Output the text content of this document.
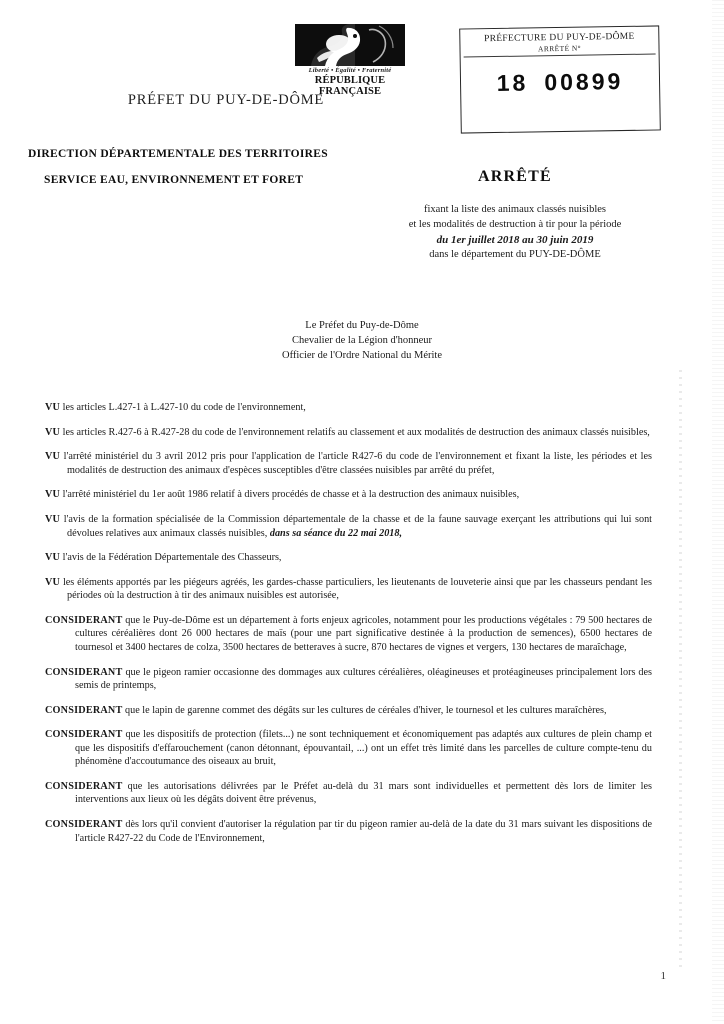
Liberté • Égalité • Fraternité
RÉPUBLIQUE FRANÇAISE
PRÉFET DU PUY-DE-DÔME
PRÉFECTURE DU PUY-DE-DÔME
ARRÊTÉ N°
18 00899
DIRECTION DÉPARTEMENTALE DES TERRITOIRES
SERVICE EAU, ENVIRONNEMENT ET FORET	ARRÊTÉ
fixant la liste des animaux classés nuisibles
et les modalités de destruction à tir pour la période
du 1er juillet 2018 au 30 juin 2019
dans le département du PUY-DE-DÔME
Le Préfet du Puy-de-Dôme
Chevalier de la Légion d'honneur
Officier de l'Ordre National du Mérite

VU les articles L.427-1 à L.427-10 du code de l'environnement,

VU les articles R.427-6 à R.427-28 du code de l'environnement relatifs au classement et aux modalités de destruction des animaux classés nuisibles,

VU l'arrêté ministériel du 3 avril 2012 pris pour l'application de l'article R427-6 du code de l'environnement et fixant la liste, les périodes et les modalités de destruction des animaux d'espèces susceptibles d'être classées nuisibles par arrêté du préfet,

VU l'arrêté ministériel du 1er août 1986 relatif à divers procédés de chasse et à la destruction des animaux nuisibles,

VU l'avis de la formation spécialisée de la Commission départementale de la chasse et de la faune sauvage exerçant les attributions qui lui sont dévolues relatives aux animaux classés nuisibles, dans sa séance du 22 mai 2018,

VU l'avis de la Fédération Départementale des Chasseurs,

VU les éléments apportés par les piégeurs agréés, les gardes-chasse particuliers, les lieutenants de louveterie ainsi que par les chasseurs pendant les périodes où la destruction à tir des animaux nuisibles est autorisée,

CONSIDERANT que le Puy-de-Dôme est un département à forts enjeux agricoles, notamment pour les productions végétales : 79 500 hectares de cultures céréalières dont 26 000 hectares de maïs (pour une part significative destinée à la production de semences), 6500 hectares de tournesol et 3400 hectares de colza, 3500 hectares de betteraves à sucre, 870 hectares de vignes et vergers, 130 hectares de maraîchage,

CONSIDERANT que le pigeon ramier occasionne des dommages aux cultures céréalières, oléagineuses et protéagineuses principalement lors des semis de printemps,

CONSIDERANT que le lapin de garenne commet des dégâts sur les cultures de céréales d'hiver, le tournesol et les cultures maraîchères,

CONSIDERANT que les dispositifs de protection (filets...) ne sont techniquement et économiquement pas adaptés aux cultures de plein champ et que les dispositifs d'effarouchement (canon détonnant, épouvantail, ...) ont un effet très limité dans les parcelles de culture compte-tenu du phénomène d'accoutumance des oiseaux au bruit,

CONSIDERANT que les autorisations délivrées par le Préfet au-delà du 31 mars sont individuelles et permettent dès lors de limiter les interventions aux lieux où les dégâts doivent être prévenus,

CONSIDERANT dès lors qu'il convient d'autoriser la régulation par tir du pigeon ramier au-delà de la date du 31 mars suivant les dispositions de l'article R427-22 du Code de l'Environnement,

1
